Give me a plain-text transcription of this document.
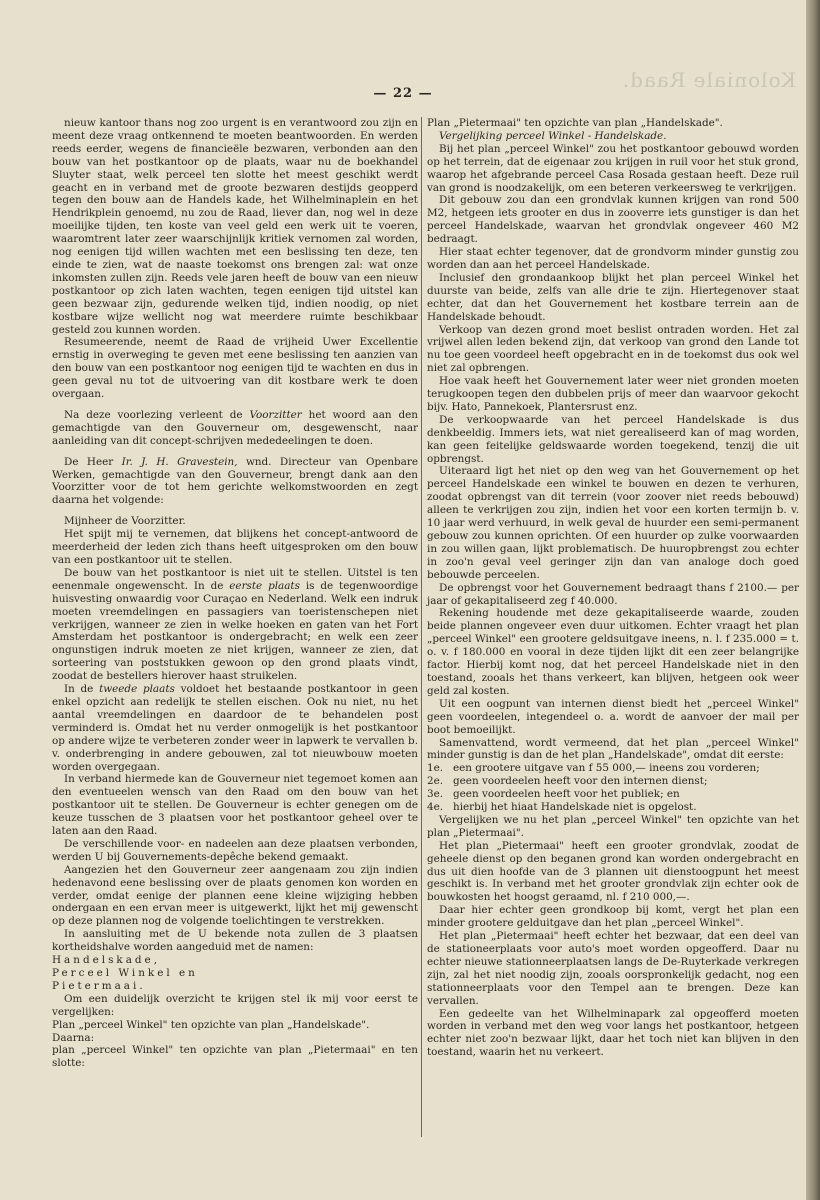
Koloniale Raad.
— 22 —

nieuw kantoor thans nog zoo urgent is en verantwoord zou zijn en meent deze vraag ontkennend te moeten beantwoorden. En werden reeds eerder, wegens de financieële bezwaren, verbonden aan den bouw van het postkantoor op de plaats, waar nu de boekhandel Sluyter staat, welk perceel ten slotte het meest geschikt werdt geacht en in verband met de groote bezwaren destijds geopperd tegen den bouw aan de Handels kade, het Wilhelminaplein en het Hendrikplein genoemd, nu zou de Raad, liever dan, nog wel in deze moeilijke tijden, ten koste van veel geld een werk uit te voeren, waaromtrent later zeer waarschijnlijk kritiek vernomen zal worden, nog eenigen tijd willen wachten met een beslissing ten deze, ten einde te zien, wat de naaste toekomst ons brengen zal: wat onze inkomsten zullen zijn. Reeds vele jaren heeft de bouw van een nieuw postkantoor op zich laten wachten, tegen eenigen tijd uitstel kan geen bezwaar zijn, gedurende welken tijd, indien noodig, op niet kostbare wijze wellicht nog wat meerdere ruimte beschikbaar gesteld zou kunnen worden.

Resumeerende, neemt de Raad de vrijheid Uwer Excellentie ernstig in overweging te geven met eene beslissing ten aanzien van den bouw van een postkantoor nog eenigen tijd te wachten en dus in geen geval nu tot de uitvoering van dit kostbare werk te doen overgaan.

Na deze voorlezing verleent de Voorzitter het woord aan den gemachtigde van den Gouverneur om, desgewenscht, naar aanleiding van dit concept-schrijven mededeelingen te doen.

De Heer Ir. J. H. Gravestein, wnd. Directeur van Openbare Werken, gemachtigde van den Gouverneur, brengt dank aan den Voorzitter voor de tot hem gerichte welkomstwoorden en zegt daarna het volgende:

Mijnheer de Voorzitter.

Het spijt mij te vernemen, dat blijkens het concept-antwoord de meerderheid der leden zich thans heeft uitgesproken om den bouw van een postkantoor uit te stellen.

De bouw van het postkantoor is niet uit te stellen. Uitstel is ten eenenmale ongewenscht. In de eerste plaats is de tegenwoordige huisvesting onwaardig voor Curaçao en Nederland. Welk een indruk moeten vreemdelingen en passagiers van toeristenschepen niet verkrijgen, wanneer ze zien in welke hoeken en gaten van het Fort Amsterdam het postkantoor is ondergebracht; en welk een zeer ongunstigen indruk moeten ze niet krijgen, wanneer ze zien, dat sorteering van poststukken gewoon op den grond plaats vindt, zoodat de bestellers hierover haast struikelen.

In de tweede plaats voldoet het bestaande postkantoor in geen enkel opzicht aan redelijk te stellen eischen. Ook nu niet, nu het aantal vreemdelingen en daardoor de te behandelen post verminderd is. Omdat het nu verder onmogelijk is het postkantoor op andere wijze te verbeteren zonder weer in lapwerk te vervallen b. v. onderbrenging in andere gebouwen, zal tot nieuwbouw moeten worden overgegaan.

In verband hiermede kan de Gouverneur niet tegemoet komen aan den eventueelen wensch van den Raad om den bouw van het postkantoor uit te stellen. De Gouverneur is echter genegen om de keuze tusschen de 3 plaatsen voor het postkantoor geheel over te laten aan den Raad.

De verschillende voor- en nadeelen aan deze plaatsen verbonden, werden U bij Gouvernements-depêche bekend gemaakt.

Aangezien het den Gouverneur zeer aangenaam zou zijn indien hedenavond eene beslissing over de plaats genomen kon worden en verder, omdat eenige der plannen eene kleine wijziging hebben ondergaan en een ervan meer is uitgewerkt, lijkt het mij gewenscht op deze plannen nog de volgende toelichtingen te verstrekken.

In aansluiting met de U bekende nota zullen de 3 plaatsen kortheidshalve worden aangeduid met de namen:

Handelskade,

Perceel Winkel en

Pietermaai.

Om een duidelijk overzicht te krijgen stel ik mij voor eerst te vergelijken:

Plan „perceel Winkel" ten opzichte van plan „Handelskade".

Daarna:

plan „perceel Winkel" ten opzichte van plan „Pietermaai" en ten slotte:

Plan „Pietermaai" ten opzichte van plan „Handelskade".

Vergelijking perceel Winkel - Handelskade.

Bij het plan „perceel Winkel" zou het postkantoor gebouwd worden op het terrein, dat de eigenaar zou krijgen in ruil voor het stuk grond, waarop het afgebrande perceel Casa Rosada gestaan heeft. Deze ruil van grond is noodzakelijk, om een beteren verkeersweg te verkrijgen.

Dit gebouw zou dan een grondvlak kunnen krijgen van rond 500 M2, hetgeen iets grooter en dus in zooverre iets gunstiger is dan het perceel Handelskade, waarvan het grondvlak ongeveer 460 M2 bedraagt.

Hier staat echter tegenover, dat de grondvorm minder gunstig zou worden dan aan het perceel Handelskade.

Inclusief den grondaankoop blijkt het plan perceel Winkel het duurste van beide, zelfs van alle drie te zijn. Hiertegenover staat echter, dat dan het Gouvernement het kostbare terrein aan de Handelskade behoudt.

Verkoop van dezen grond moet beslist ontraden worden. Het zal vrijwel allen leden bekend zijn, dat verkoop van grond den Lande tot nu toe geen voordeel heeft opgebracht en in de toekomst dus ook wel niet zal opbrengen.

Hoe vaak heeft het Gouvernement later weer niet gronden moeten terugkoopen tegen den dubbelen prijs of meer dan waarvoor gekocht bijv. Hato, Pannekoek, Plantersrust enz.

De verkoopwaarde van het perceel Handelskade is dus denkbeeldig. Immers iets, wat niet gerealiseerd kan of mag worden, kan geen feitelijke geldswaarde worden toegekend, tenzij die uit opbrengst.

Uiteraard ligt het niet op den weg van het Gouvernement op het perceel Handelskade een winkel te bouwen en dezen te verhuren, zoodat opbrengst van dit terrein (voor zoover niet reeds bebouwd) alleen te verkrijgen zou zijn, indien het voor een korten termijn b. v. 10 jaar werd verhuurd, in welk geval de huurder een semi-permanent gebouw zou kunnen oprichten. Of een huurder op zulke voorwaarden in zou willen gaan, lijkt problematisch. De huuropbrengst zou echter in zoo'n geval veel geringer zijn dan van analoge doch goed bebouwde perceelen.

De opbrengst voor het Gouvernement bedraagt thans f 2100.— per jaar of gekapitaliseerd zeg f 40.000.

Rekening houdende met deze gekapitaliseerde waarde, zouden beide plannen ongeveer even duur uitkomen. Echter vraagt het plan „perceel Winkel" een grootere geldsuitgave ineens, n. l. f 235.000 = t. o. v. f 180.000 en vooral in deze tijden lijkt dit een zeer belangrijke factor. Hierbij komt nog, dat het perceel Handelskade niet in den toestand, zooals het thans verkeert, kan blijven, hetgeen ook weer geld zal kosten.

Uit een oogpunt van internen dienst biedt het „perceel Winkel" geen voordeelen, integendeel o. a. wordt de aanvoer der mail per boot bemoeilijkt.

Samenvattend, wordt vermeend, dat het plan „perceel Winkel" minder gunstig is dan de het plan „Handelskade", omdat dit eerste:

1e. een grootere uitgave van f 55 000,— ineens zou vorderen;
2e. geen voordeelen heeft voor den internen dienst;
3e. geen voordeelen heeft voor het publiek; en
4e. hierbij het hiaat Handelskade niet is opgelost.

Vergelijken we nu het plan „perceel Winkel" ten opzichte van het plan „Pietermaai".

Het plan „Pietermaai" heeft een grooter grondvlak, zoodat de geheele dienst op den beganen grond kan worden ondergebracht en dus uit dien hoofde van de 3 plannen uit dienstoogpunt het meest geschikt is. In verband met het grooter grondvlak zijn echter ook de bouwkosten het hoogst geraamd, nl. f 210 000,—.

Daar hier echter geen grondkoop bij komt, vergt het plan een minder grootere gelduitgave dan het plan „perceel Winkel".

Het plan „Pietermaai" heeft echter het bezwaar, dat een deel van de stationeerplaats voor auto's moet worden opgeofferd. Daar nu echter nieuwe stationneerplaatsen langs de De-Ruyterkade verkregen zijn, zal het niet noodig zijn, zooals oorspronkelijk gedacht, nog een stationneerplaats voor den Tempel aan te brengen. Deze kan vervallen.

Een gedeelte van het Wilhelminapark zal opgeofferd moeten worden in verband met den weg voor langs het postkantoor, hetgeen echter niet zoo'n bezwaar lijkt, daar het toch niet kan blijven in den toestand, waarin het nu verkeert.
